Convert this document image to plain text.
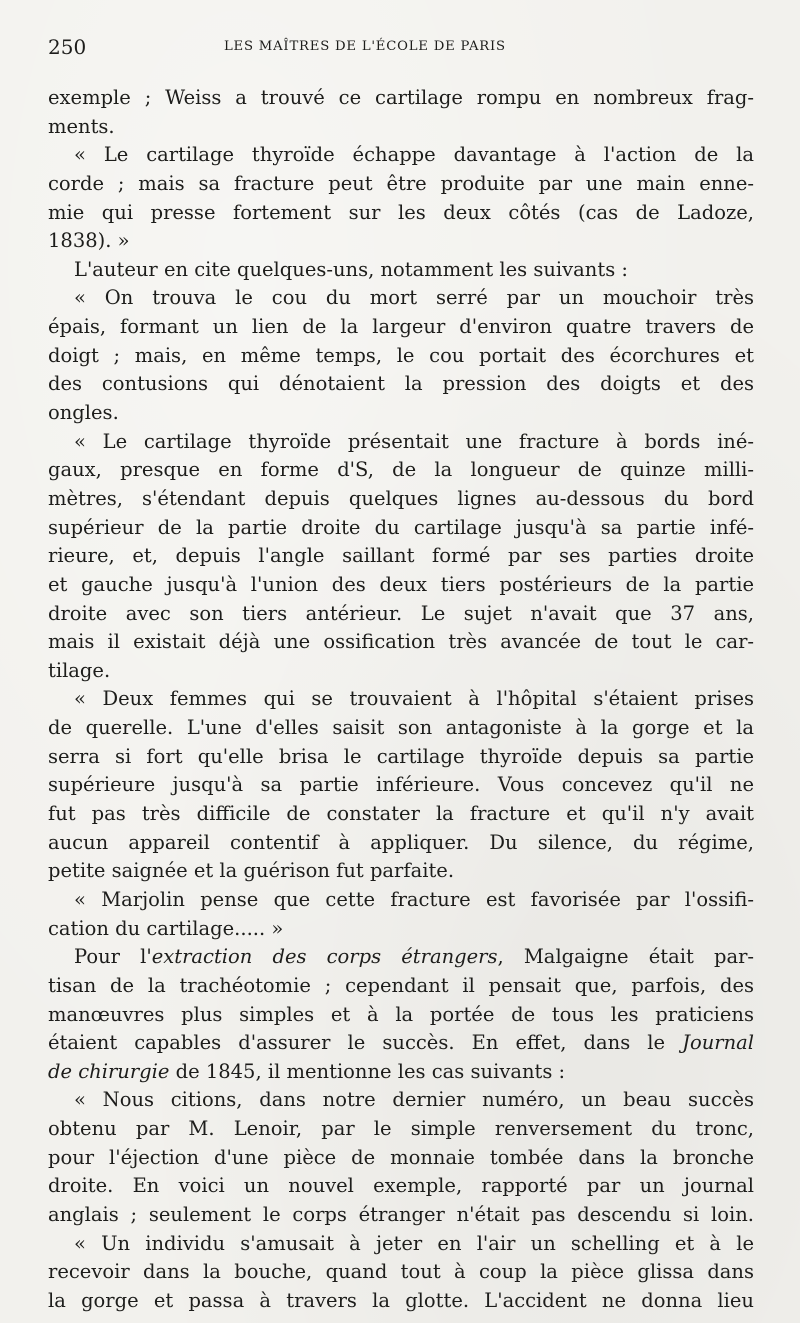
250	LES MAÎTRES DE L'ÉCOLE DE PARIS
exemple ; Weiss a trouvé ce cartilage rompu en nombreux frag-
ments.
« Le cartilage thyroïde échappe davantage à l'action de la
corde ; mais sa fracture peut être produite par une main enne-
mie qui presse fortement sur les deux côtés (cas de Ladoze,
1838). »
L'auteur en cite quelques-uns, notamment les suivants :
« On trouva le cou du mort serré par un mouchoir très
épais, formant un lien de la largeur d'environ quatre travers de
doigt ; mais, en même temps, le cou portait des écorchures et
des contusions qui dénotaient la pression des doigts et des
ongles.
« Le cartilage thyroïde présentait une fracture à bords iné-
gaux, presque en forme d'S, de la longueur de quinze milli-
mètres, s'étendant depuis quelques lignes au-dessous du bord
supérieur de la partie droite du cartilage jusqu'à sa partie infé-
rieure, et, depuis l'angle saillant formé par ses parties droite
et gauche jusqu'à l'union des deux tiers postérieurs de la partie
droite avec son tiers antérieur. Le sujet n'avait que 37 ans,
mais il existait déjà une ossification très avancée de tout le car-
tilage.
« Deux femmes qui se trouvaient à l'hôpital s'étaient prises
de querelle. L'une d'elles saisit son antagoniste à la gorge et la
serra si fort qu'elle brisa le cartilage thyroïde depuis sa partie
supérieure jusqu'à sa partie inférieure. Vous concevez qu'il ne
fut pas très difficile de constater la fracture et qu'il n'y avait
aucun appareil contentif à appliquer. Du silence, du régime,
petite saignée et la guérison fut parfaite.
« Marjolin pense que cette fracture est favorisée par l'ossifi-
cation du cartilage..... »
Pour l'extraction des corps étrangers, Malgaigne était par-
tisan de la trachéotomie ; cependant il pensait que, parfois, des
manœuvres plus simples et à la portée de tous les praticiens
étaient capables d'assurer le succès. En effet, dans le Journal
de chirurgie de 1845, il mentionne les cas suivants :
« Nous citions, dans notre dernier numéro, un beau succès
obtenu par M. Lenoir, par le simple renversement du tronc,
pour l'éjection d'une pièce de monnaie tombée dans la bronche
droite. En voici un nouvel exemple, rapporté par un journal
anglais ; seulement le corps étranger n'était pas descendu si loin.
« Un individu s'amusait à jeter en l'air un schelling et à le
recevoir dans la bouche, quand tout à coup la pièce glissa dans
la gorge et passa à travers la glotte. L'accident ne donna lieu
